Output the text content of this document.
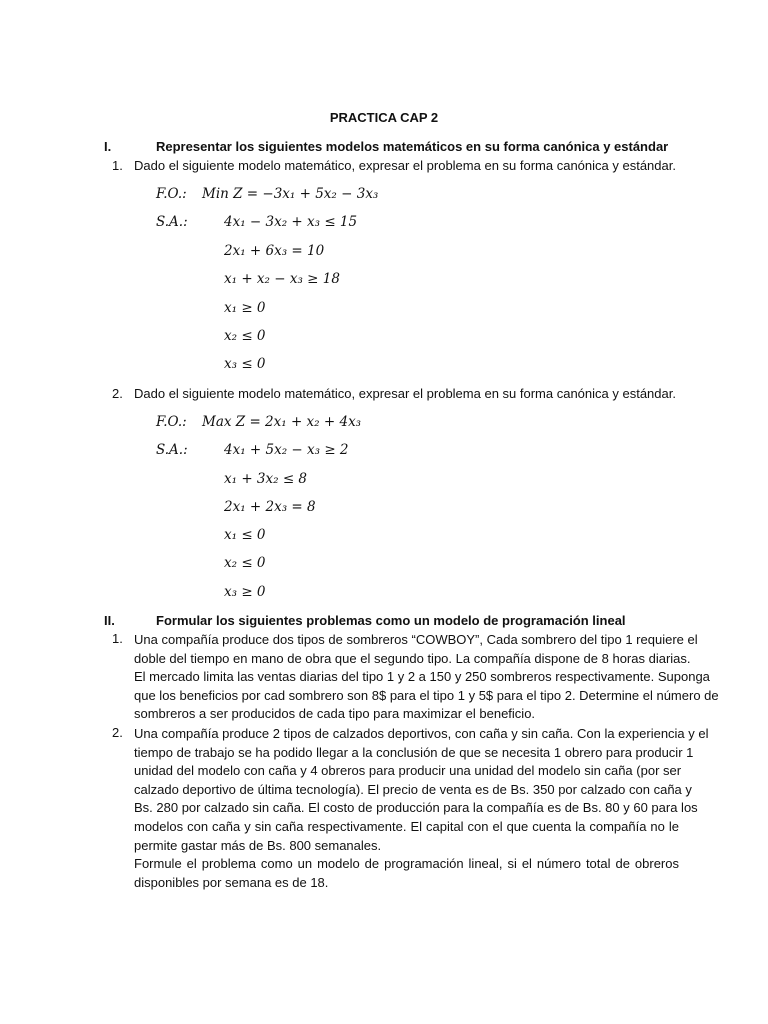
PRACTICA CAP 2
I.	Representar los siguientes modelos matemáticos en su forma canónica y estándar
1. Dado el siguiente modelo matemático, expresar el problema en su forma canónica y estándar.
F.O.: Min Z = −3x₁ + 5x₂ − 3x₃
S.A.:	4x₁ − 3x₂ + x₃ ≤ 15
2x₁ + 6x₃ = 10
x₁ + x₂ − x₃ ≥ 18
x₁ ≥ 0
x₂ ≤ 0
x₃ ≤ 0
2. Dado el siguiente modelo matemático, expresar el problema en su forma canónica y estándar.
F.O.: Max Z = 2x₁ + x₂ + 4x₃
S.A.:	4x₁ + 5x₂ − x₃ ≥ 2
x₁ + 3x₂ ≤ 8
2x₁ + 2x₃ = 8
x₁ ≤ 0
x₂ ≤ 0
x₃ ≥ 0
II.	Formular los siguientes problemas como un modelo de programación lineal
1. Una compañía produce dos tipos de sombreros “COWBOY”, Cada sombrero del tipo 1 requiere el
doble del tiempo en mano de obra que el segundo tipo. La compañía dispone de 8 horas diarias.
El mercado limita las ventas diarias del tipo 1 y 2 a 150 y 250 sombreros respectivamente. Suponga
que los beneficios por cad sombrero son 8$ para el tipo 1 y 5$ para el tipo 2. Determine el número de
sombreros a ser producidos de cada tipo para maximizar el beneficio.
2. Una compañía produce 2 tipos de calzados deportivos, con caña y sin caña. Con la experiencia y el
tiempo de trabajo se ha podido llegar a la conclusión de que se necesita 1 obrero para producir 1
unidad del modelo con caña y 4 obreros para producir una unidad del modelo sin caña (por ser
calzado deportivo de última tecnología). El precio de venta es de Bs. 350 por calzado con caña y
Bs. 280 por calzado sin caña. El costo de producción para la compañía es de Bs. 80 y 60 para los
modelos con caña y sin caña respectivamente. El capital con el que cuenta la compañía no le
permite gastar más de Bs. 800 semanales.
Formule el problema como un modelo de programación lineal, si el número total de obreros
disponibles por semana es de 18.
